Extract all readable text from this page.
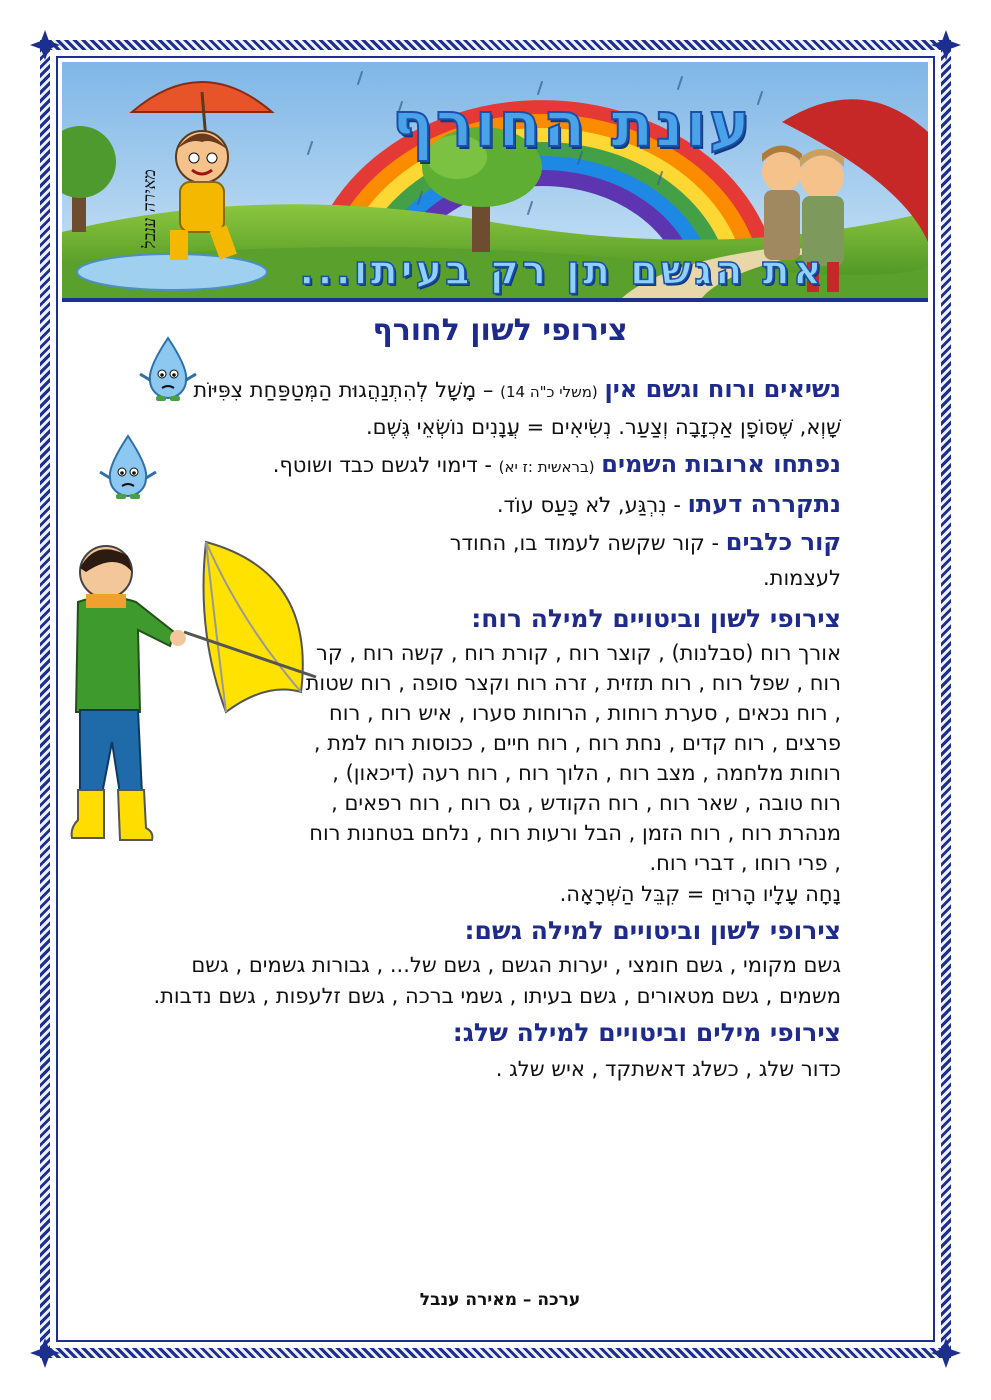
עונת החורף
את הגשם תן רק בעיתו...
מאירה ענבל
צירופי לשון לחורף

נשיאים ורוח וגשם אין (משלי כ"ה 14) – מָשָׁל לְהִתְנַהֲגוּת הַמְּטַפַּחַת צִפִּיּוֹת שָׁוְא, שֶׁסּוֹפָן אַכְזָבָה וְצַעַר. נְשִׂיאִים = עֲנָנִים נוֹשְׂאֵי גֶּשֶׁם.

נפתחו ארובות השמים (בראשית :ז יא) - דימוי לגשם כבד ושוטף.

נתקררה דעתו - נִרְגַּע, לֹא כָּעַס עוֹד.

קור כלבים - קור שקשה לעמוד בו, החודר לעצמות.

צירופי לשון וביטויים למילה רוח:

אורך רוח (סבלנות) , קוצר רוח , קורת רוח , קשה רוח , קר רוח , שפל רוח , רוח תזזית , זרה רוח וקצר סופה , רוח שטות , רוח נכאים , סערת רוחות , הרוחות סערו , איש רוח , רוח פרצים , רוח קדים , נחת רוח , רוח חיים , ככוסות רוח למת , רוחות מלחמה , מצב רוח , הלוך רוח , רוח רעה (דיכאון) , רוח טובה , שאר רוח , רוח הקודש , גס רוח , רוח רפאים , מנהרת רוח , רוח הזמן , הבל ורעות רוח , נלחם בטחנות רוח , פרי רוחו , דברי רוח.

נָחָה עָלָיו הָרוּחַ = קִבֵּל הַשְׁרָאָה.

צירופי לשון וביטויים למילה גשם:

גשם מקומי , גשם חומצי , יערות הגשם , גשם של... , גבורות גשמים , גשם משמים , גשם מטאורים , גשם בעיתו , גשמי ברכה , גשם זלעפות , גשם נדבות.

צירופי מילים וביטויים למילה שלג:

כדור שלג , כשלג דאשתקד , איש שלג .

ערכה – מאירה ענבל
